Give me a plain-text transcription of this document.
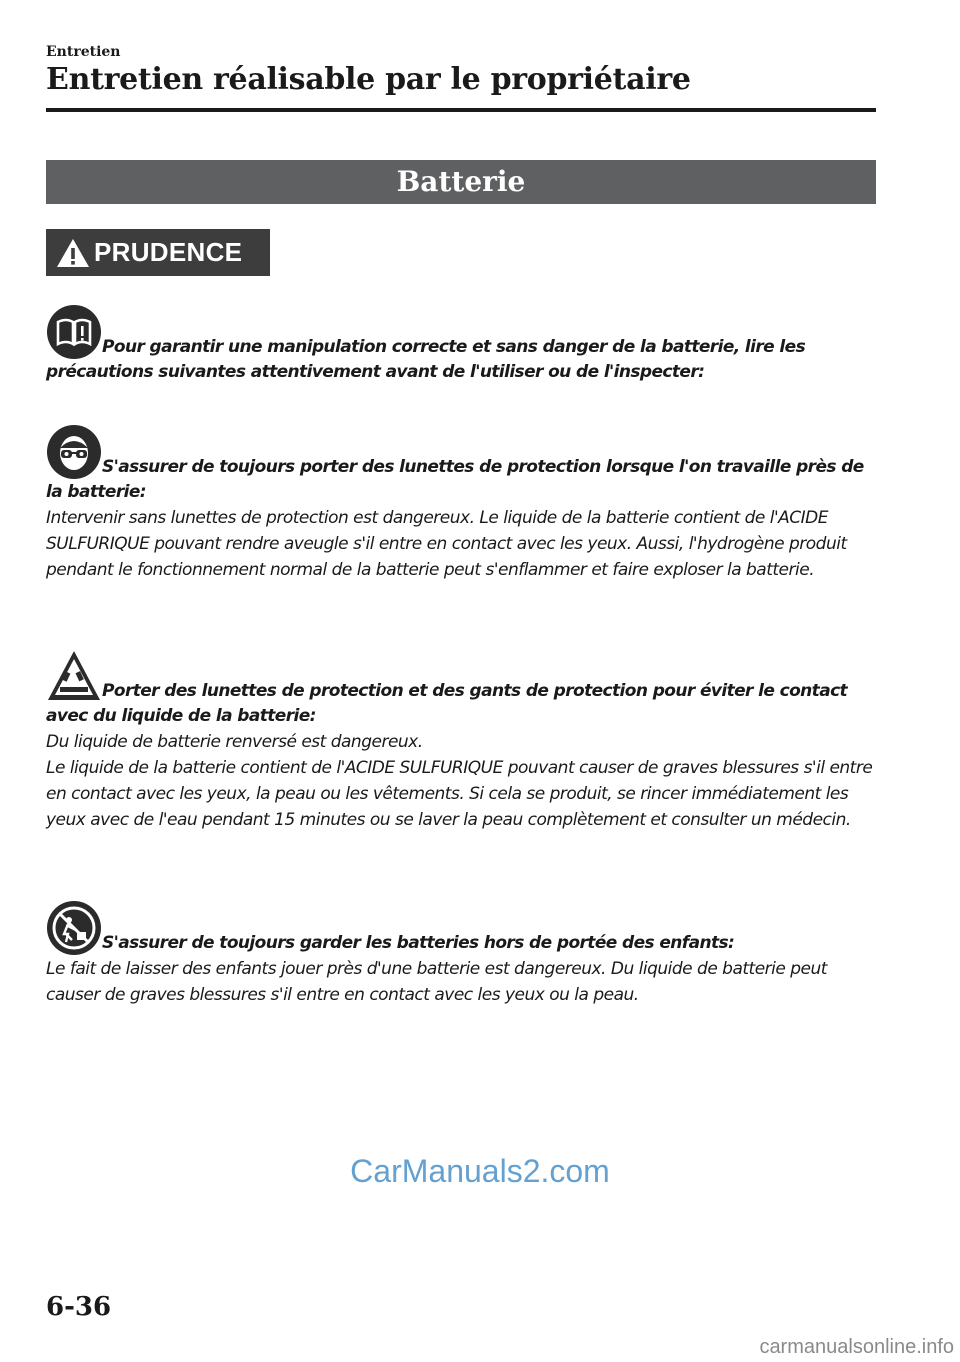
Entretien
Entretien réalisable par le propriétaire
Batterie
PRUDENCE
Pour garantir une manipulation correcte et sans danger de la batterie, lire les précautions suivantes attentivement avant de l'utiliser ou de l'inspecter:
S'assurer de toujours porter des lunettes de protection lorsque l'on travaille près de la batterie:

Intervenir sans lunettes de protection est dangereux. Le liquide de la batterie contient de l'ACIDE SULFURIQUE pouvant rendre aveugle s'il entre en contact avec les yeux. Aussi, l'hydrogène produit pendant le fonctionnement normal de la batterie peut s'enflammer et faire exploser la batterie.

Porter des lunettes de protection et des gants de protection pour éviter le contact avec du liquide de la batterie:

Du liquide de batterie renversé est dangereux.

Le liquide de la batterie contient de l'ACIDE SULFURIQUE pouvant causer de graves blessures s'il entre en contact avec les yeux, la peau ou les vêtements. Si cela se produit, se rincer immédiatement les yeux avec de l'eau pendant 15 minutes ou se laver la peau complètement et consulter un médecin.

S'assurer de toujours garder les batteries hors de portée des enfants:

Le fait de laisser des enfants jouer près d'une batterie est dangereux. Du liquide de batterie peut causer de graves blessures s'il entre en contact avec les yeux ou la peau.

CarManuals2.com
6-36
carmanualsonline.info
